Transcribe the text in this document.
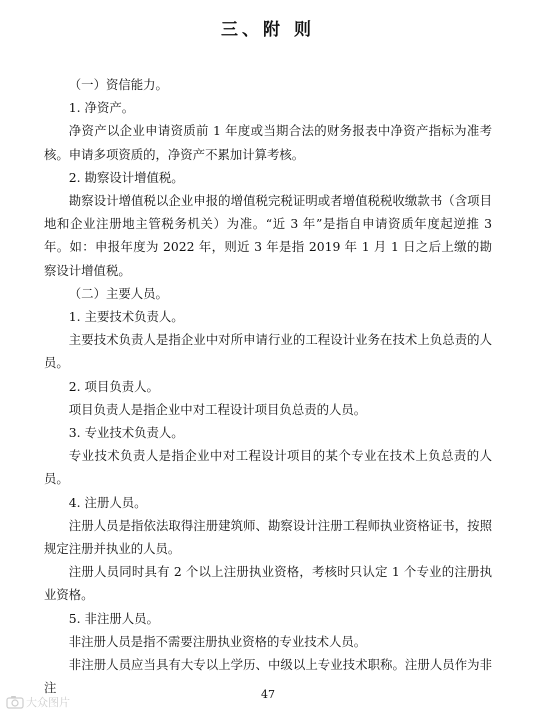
三、附 则

（一）资信能力。

1. 净资产。

净资产以企业申请资质前 1 年度或当期合法的财务报表中净资产指标为准考核。申请多项资质的，净资产不累加计算考核。

2. 勘察设计增值税。

勘察设计增值税以企业申报的增值税完税证明或者增值税税收缴款书（含项目地和企业注册地主管税务机关）为准。“近 3 年”是指自申请资质年度起逆推 3 年。如：申报年度为 2022 年，则近 3 年是指 2019 年 1 月 1 日之后上缴的勘察设计增值税。

（二）主要人员。

1. 主要技术负责人。

主要技术负责人是指企业中对所申请行业的工程设计业务在技术上负总责的人员。

2. 项目负责人。

项目负责人是指企业中对工程设计项目负总责的人员。

3. 专业技术负责人。

专业技术负责人是指企业中对工程设计项目的某个专业在技术上负总责的人员。

4. 注册人员。

注册人员是指依法取得注册建筑师、勘察设计注册工程师执业资格证书，按照规定注册并执业的人员。

注册人员同时具有 2 个以上注册执业资格，考核时只认定 1 个专业的注册执业资格。

5. 非注册人员。

非注册人员是指不需要注册执业资格的专业技术人员。

非注册人员应当具有大专以上学历、中级以上专业技术职称。注册人员作为非注	47
大众图片
